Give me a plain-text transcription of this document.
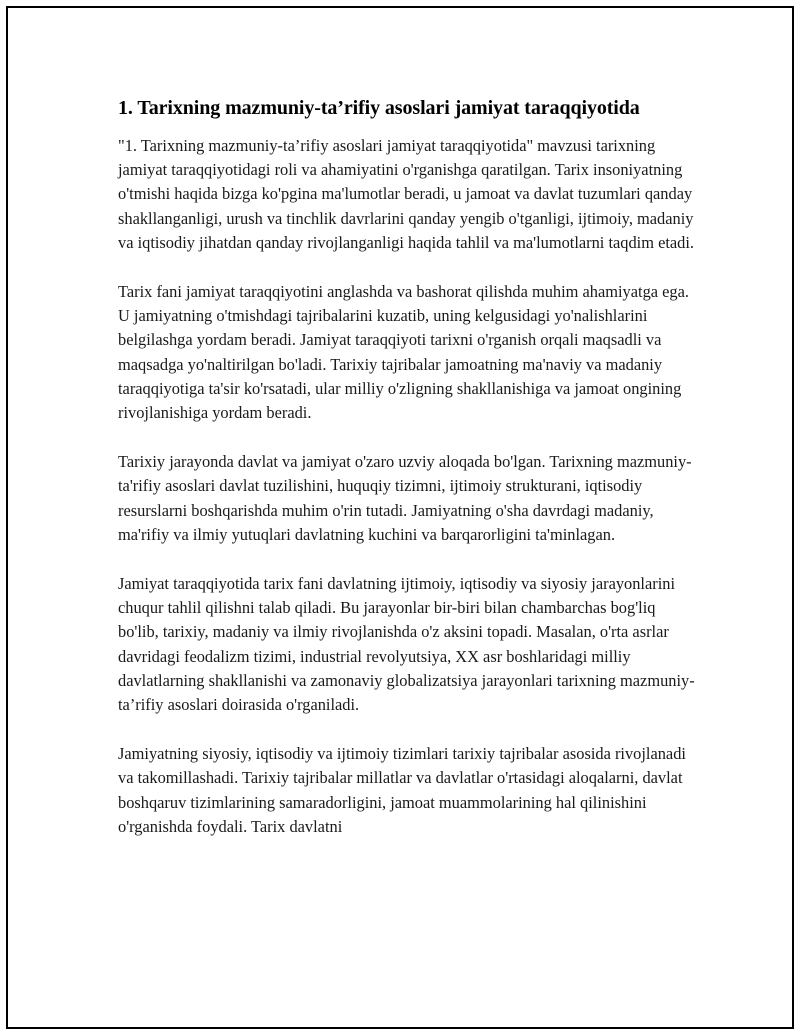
1. Tarixning mazmuniy-ta’rifiy asoslari jamiyat taraqqiyotida

"1. Tarixning mazmuniy-ta’rifiy asoslari jamiyat taraqqiyotida" mavzusi tarixning jamiyat taraqqiyotidagi roli va ahamiyatini o'rganishga qaratilgan. Tarix insoniyatning o'tmishi haqida bizga ko'pgina ma'lumotlar beradi, u jamoat va davlat tuzumlari qanday shakllanganligi, urush va tinchlik davrlarini qanday yengib o'tganligi, ijtimoiy, madaniy va iqtisodiy jihatdan qanday rivojlanganligi haqida tahlil va ma'lumotlarni taqdim etadi.

Tarix fani jamiyat taraqqiyotini anglashda va bashorat qilishda muhim ahamiyatga ega. U jamiyatning o'tmishdagi tajribalarini kuzatib, uning kelgusidagi yo'nalishlarini belgilashga yordam beradi. Jamiyat taraqqiyoti tarixni o'rganish orqali maqsadli va maqsadga yo'naltirilgan bo'ladi. Tarixiy tajribalar jamoatning ma'naviy va madaniy taraqqiyotiga ta'sir ko'rsatadi, ular milliy o'zligning shakllanishiga va jamoat ongining rivojlanishiga yordam beradi.

Tarixiy jarayonda davlat va jamiyat o'zaro uzviy aloqada bo'lgan. Tarixning mazmuniy-ta'rifiy asoslari davlat tuzilishini, huquqiy tizimni, ijtimoiy strukturani, iqtisodiy resurslarni boshqarishda muhim o'rin tutadi. Jamiyatning o'sha davrdagi madaniy, ma'rifiy va ilmiy yutuqlari davlatning kuchini va barqarorligini ta'minlagan.

Jamiyat taraqqiyotida tarix fani davlatning ijtimoiy, iqtisodiy va siyosiy jarayonlarini chuqur tahlil qilishni talab qiladi. Bu jarayonlar bir-biri bilan chambarchas bog'liq bo'lib, tarixiy, madaniy va ilmiy rivojlanishda o'z aksini topadi. Masalan, o'rta asrlar davridagi feodalizm tizimi, industrial revolyutsiya, XX asr boshlaridagi milliy davlatlarning shakllanishi va zamonaviy globalizatsiya jarayonlari tarixning mazmuniy-ta’rifiy asoslari doirasida o'rganiladi.

Jamiyatning siyosiy, iqtisodiy va ijtimoiy tizimlari tarixiy tajribalar asosida rivojlanadi va takomillashadi. Tarixiy tajribalar millatlar va davlatlar o'rtasidagi aloqalarni, davlat boshqaruv tizimlarining samaradorligini, jamoat muammolarining hal qilinishini o'rganishda foydali. Tarix davlatni
